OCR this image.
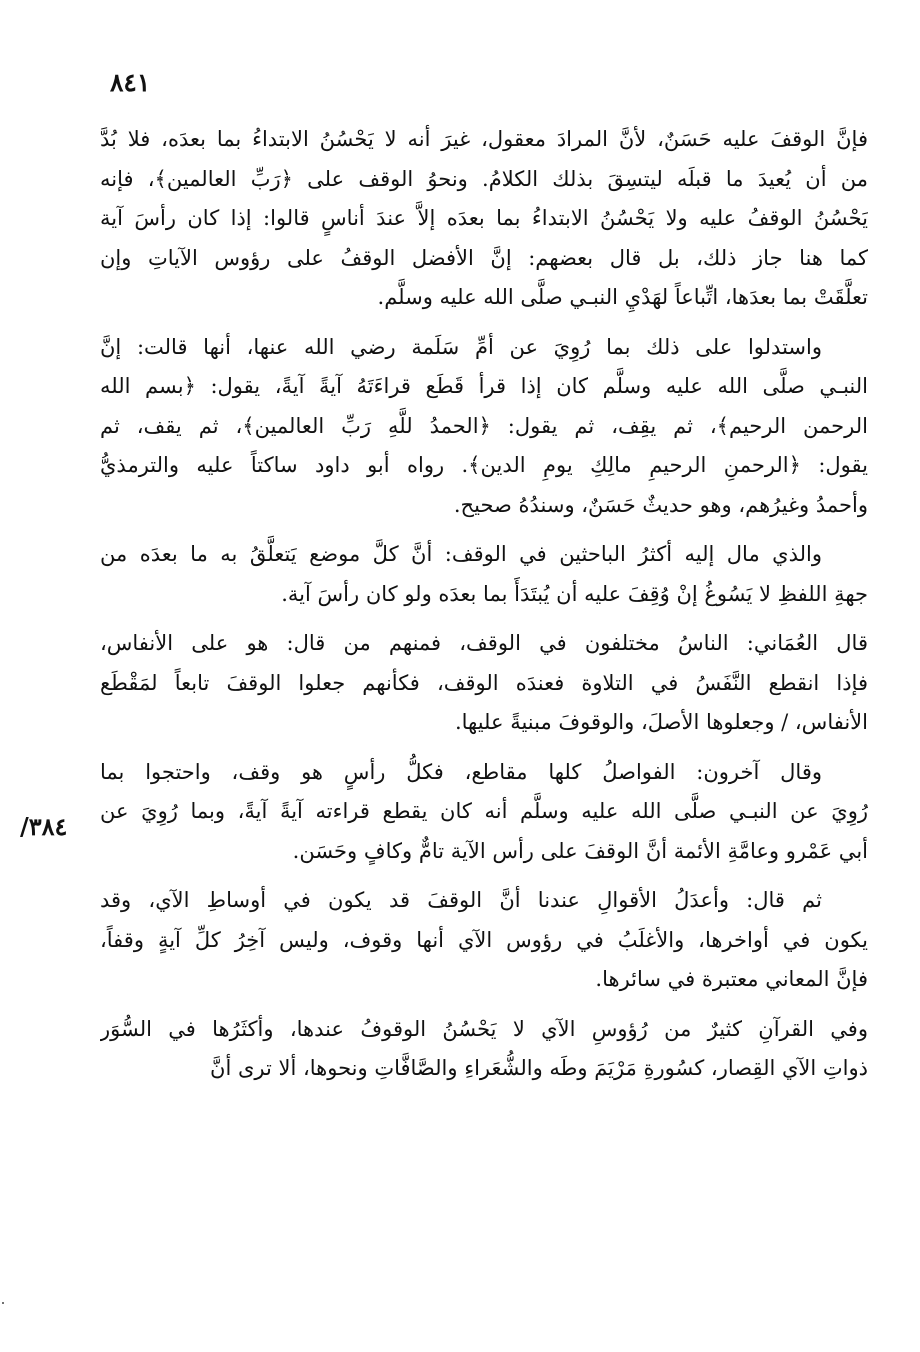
٨٤١
٣٨٤/
فإنَّ الوقفَ عليه حَسَنٌ، لأنَّ المرادَ معقول، غيرَ أنه لا يَحْسُنُ الابتداءُ بما بعدَه، فلا بُدَّ
من أن يُعيدَ ما قبلَه ليتسِقَ بذلك الكلامُ. ونحوُ الوقف على ﴿رَبِّ العالمين﴾، فإنه
يَحْسُنُ الوقفُ عليه ولا يَحْسُنُ الابتداءُ بما بعدَه إلاَّ عندَ أناسٍ قالوا: إذا كان رأسَ آية
كما هنا جاز ذلك، بل قال بعضهم: إنَّ الأفضل الوقفُ على رؤوس الآياتِ وإن
تعلَّقَتْ بما بعدَها، اتِّباعاً لهَدْيِ النبـي صلَّى الله عليه وسلَّم.
واستدلوا على ذلك بما رُوِيَ عن أمِّ سَلَمة رضي الله عنها، أنها قالت: إنَّ
النبـي صلَّى الله عليه وسلَّم كان إذا قرأ قَطَع قراءَتَهُ آيةً آيةً، يقول: ﴿بسم الله
الرحمن الرحيم﴾، ثم يقِف، ثم يقول: ﴿الحمدُ للَّهِ رَبِّ العالمين﴾، ثم يقف، ثم
يقول: ﴿الرحمنِ الرحيمِ مالِكِ يومِ الدين﴾. رواه أبو داود ساكتاً عليه والترمذيُّ
وأحمدُ وغيرُهم، وهو حديثٌ حَسَنٌ، وسندُهُ صحيح.
والذي مال إليه أكثرُ الباحثين في الوقف: أنَّ كلَّ موضع يَتعلَّقُ به ما بعدَه من
جهةِ اللفظِ لا يَسُوغُ إنْ وُقِفَ عليه أن يُبتَدَأَ بما بعدَه ولو كان رأسَ آية.
قال العُمَاني: الناسُ مختلفون في الوقف، فمنهم من قال: هو على الأنفاس،
فإذا انقطع النَّفَسُ في التلاوة فعندَه الوقف، فكأنهم جعلوا الوقفَ تابعاً لمَقْطَع
الأنفاس، / وجعلوها الأصلَ، والوقوفَ مبنيةً عليها.
وقال آخرون: الفواصلُ كلها مقاطع، فكلُّ رأسٍ هو وقف، واحتجوا بما
رُوِيَ عن النبـي صلَّى الله عليه وسلَّم أنه كان يقطع قراءته آيةً آيةً، وبما رُوِيَ عن
أبي عَمْرو وعامَّةِ الأئمة أنَّ الوقفَ على رأس الآية تامٌّ وكافٍ وحَسَن.
ثم قال: وأعدَلُ الأقوالِ عندنا أنَّ الوقفَ قد يكون في أوساطِ الآي، وقد
يكون في أواخرها، والأغلَبُ في رؤوس الآي أنها وقوف، وليس آخِرُ كلِّ آيةٍ وقفاً،
فإنَّ المعاني معتبرة في سائرها.
وفي القرآنِ كثيرٌ من رُؤوسِ الآي لا يَحْسُنُ الوقوفُ عندها، وأكثَرُها في السُّوَر
ذواتِ الآي القِصار، كسُورةِ مَرْيَمَ وطَه والشُّعَراءِ والصَّافَّاتِ ونحوها، ألا ترى أنَّ
